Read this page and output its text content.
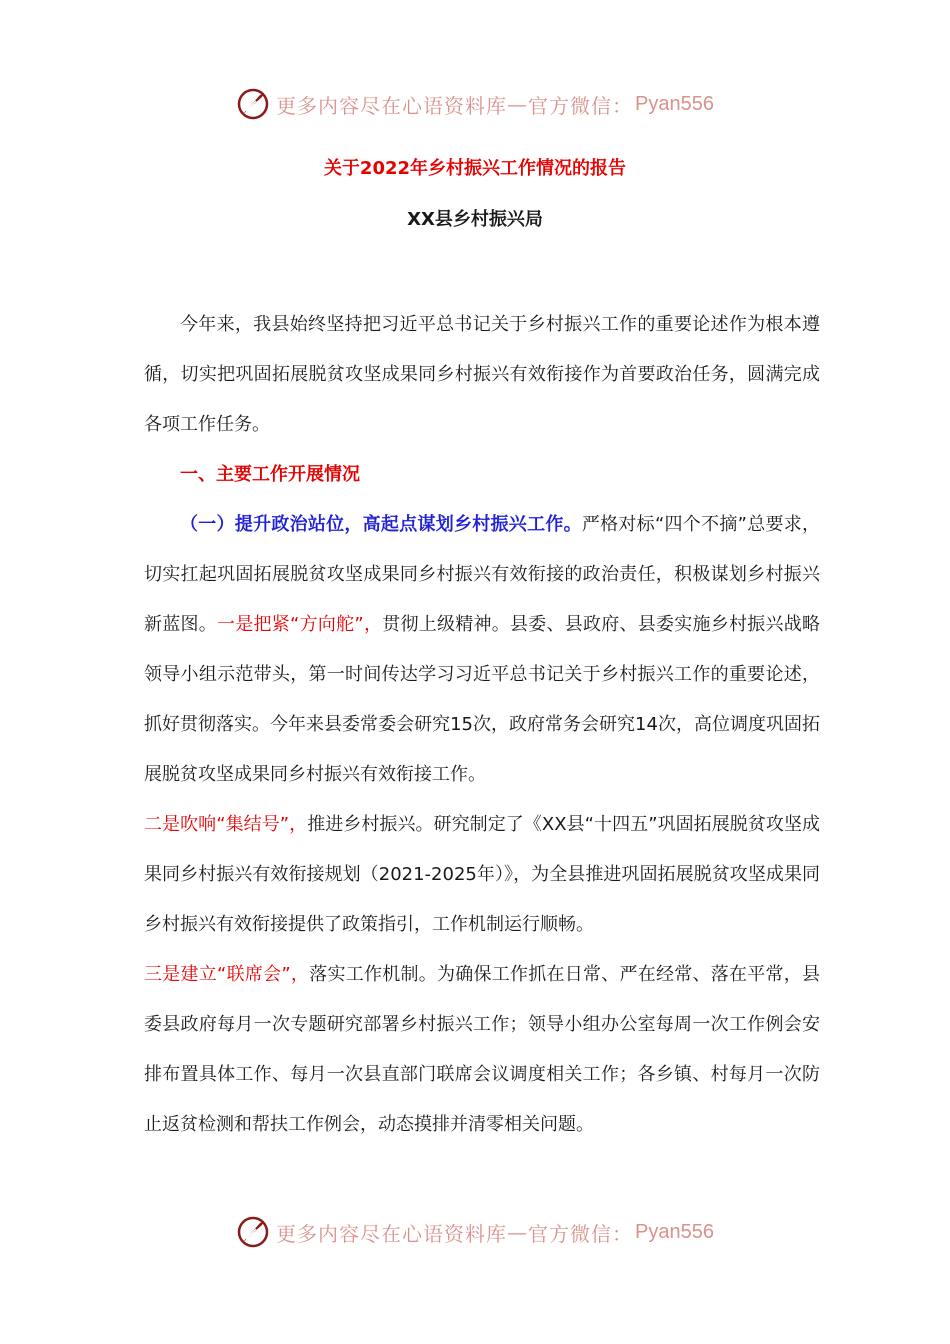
更多内容尽在心语资料库 — 官方微信： Pyan556
关于2022年乡村振兴工作情况的报告
XX县乡村振兴局

今年来，我县始终坚持把习近平总书记关于乡村振兴工作的重要论述作为根本遵循，切实把巩固拓展脱贫攻坚成果同乡村振兴有效衔接作为首要政治任务，圆满完成各项工作任务。

一、主要工作开展情况

（一）提升政治站位，高起点谋划乡村振兴工作。严格对标“四个不摘”总要求，切实扛起巩固拓展脱贫攻坚成果同乡村振兴有效衔接的政治责任，积极谋划乡村振兴新蓝图。一是把紧“方向舵”，贯彻上级精神。县委、县政府、县委实施乡村振兴战略领导小组示范带头，第一时间传达学习习近平总书记关于乡村振兴工作的重要论述，抓好贯彻落实。今年来县委常委会研究15次，政府常务会研究14次，高位调度巩固拓展脱贫攻坚成果同乡村振兴有效衔接工作。

二是吹响“集结号”，推进乡村振兴。研究制定了《XX县“十四五”巩固拓展脱贫攻坚成果同乡村振兴有效衔接规划（2021-2025年）》，为全县推进巩固拓展脱贫攻坚成果同乡村振兴有效衔接提供了政策指引，工作机制运行顺畅。
三是建立“联席会”，落实工作机制。为确保工作抓在日常、严在经常、落在平常，县委县政府每月一次专题研究部署乡村振兴工作；领导小组办公室每周一次工作例会安排布置具体工作、每月一次县直部门联席会议调度相关工作；各乡镇、村每月一次防止返贫检测和帮扶工作例会，动态摸排并清零相关问题。
更多内容尽在心语资料库 — 官方微信： Pyan556
